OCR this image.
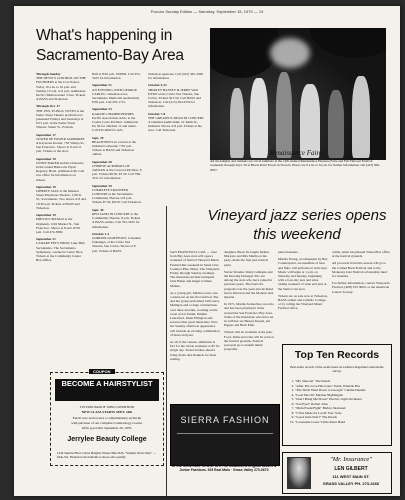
Pocono Sunday Edition — Saturday, September 15, 1979 — 19
What's happening in Sacramento-Bay Area
Renaissance Faire
All the knights and damsels are out in numbers at the 12th Annual Renaissance Pleasure Faire and Fair Harvest Festival weekends through Sept. 30 at Black Point Forest in Novato. Hours are 9 a.m. to 6 p.m. for further information call (415) 892-0937.
Through Sunday
THE DEVIL'S CONTROL ON THE FOUNDERS at the Cow Palace. Today 10 a.m. to 10 p.m. and Sunday 10 a.m. to 6 p.m. Admission $4.50; children under 3 free. Tickets at BASS and Ticketron.
Through Oct. 27
THE TEN, FLINGS, WIVES at the Sutter Street Theatre production is presented Fridays and Saturdays at 8:15 p.m. in the Sutter Street Theatre. Sutter St., Folsom.
September 17
TOWER OF POWER JAMBOREE at Keystone Korner, 750 Vallejo St., San Francisco. Shows at 9 and 11 p.m. Tickets at the door.
September 19
CINDY BAKER and his Orchestra in the Grand Ballroom. Hyatt Regency Hotel. Admission $6. Call box office for information on tickets.
September 19
LIBERTY JAZZ at the Mission Street Playhouse Theatre, 1105 K St., Sacramento. Two shows at 8 and 10:30 p.m. Tickets at BASS and Ticketron.
September 19
PRESTO CHANGO at the Orpheum, 1192 Market St., San Francisco. Shows at 8 and 10:30 p.m. Call 474-3800.
September 21
CANARY PETS SHOW, Lake Hall, Sacramento. The Sacramento Symphony, conductor Carter Nice. Tickets at the Community Center Box Office.
Hall at 8:30 p.m. SUPER. Call 355-3225 for information.
September 21
AN EVENING WITH GEORGE CARLIN, comedian-actor, Sacramento Memorial Auditorium, 8:30 p.m. Call 455-1715.
September 23
KARATE CHAMPIONSHIPS, Pacific Association AAU, at the Contra Costa Pavilion. Admission $3, $2 for children 12 and under. Call 935-4000 for info.
Sept. 29
BEACH BOYS in concert at the Oakland Coliseum, 7:30 p.m. Tickets at BASS and Ticketron outlets.
September 28
CHINESE ACROBATS OF TAIWAN at the Concord Pavilion, 8 p.m. Tickets $8.50, $7.50. Call 798-3311 for information.
September 29
COMPLETE TRANSFER CONCERT at the Sacramento Community Theatre at 8 p.m. Tickets $7.50, $6.50. Call Ticketron.
Sept. 30
RED SAND IN CONCERT at the Community Theatre, 8 p.m. Tickets at BASS outlets. Call 355-3225 for information.
October 1-2
GORDON LIGHTFOOT, Canadian folksinger, at the Circle Star Theatre, San Carlos. Shows at 8 p.m. Tickets at BASS.
Ticketron agencies. Call (415) 365-3500 for information.
October 5-21
SHIRLEY BASSEY & JERRY VAN DYKE at the Circle Star Theatre, San Carlos. Tickets $15.50. Call BASS and Ticketron. Call (415) 364-2550 for information.
October 7-8
THE GREATFUL DEAD IN CONCERT at Oakland Auditorium, 10 Tenth St., Oakland. Shows at 8 p.m. Tickets at the door. Call Ticketron.
Vineyard jazz series opens this weekend
SAN FRANCISCO, Calif. — Jazz from Bay Area stars will open a weekend of festival Vineyard Music Festival this weekend in Santa Cruz County's Pine Valley. The Vineyards Friday through Sunday evenings. The musicians include trumpeter Chet Baker and singer Carmen McRae.
As a young girl, Martha Lewis was a stand-out on her first festival. She and her group performed with Gerry Mulligan and a range of musicians over three decades, working on the coast of Art Tatum, Jimmie Lunceford, Duke Ellington and several other great musicians. Now her Sunday afternoon appearance will include an exciting combination of blues and jazz.
At all of the venues, admission is $12 for the whole weekend or $5 for single day. Ticket holders should bring chairs and blankets for lawn seating.
daughter, Bean. Its taught further. Marjorie and Mrs Martha at the party, made the first jazz festival party.
Stevie Wonder, Dizzy Gillespie and the Dorothy Donegan Trio are among the stars who have joined in previous years. The festival's program over the years has included Oscar Peterson and the Modern Jazz Quartet.
In 1971, Martha formed her own trio and has been playing in clubs around the San Francisco Bay Area. Some of the musicians who have sat in with her are Barney Kessel, Art Pepper and Herb Ellis.
Tickets will be available at the gate. Food, drink and wine will be sold on the festival grounds. Festival proceeds go to benefit music programs.
piano listeners.
Martha Young, accompanied by Bay Counterpoint, an ensemble of bass and flute, will perform on both days. Music will begin at 1 p.m. on Saturday and Sunday, beginning with a four-day jazz and wine tasting weekend of wine and jazz at the Santa Cruz area.
Tickets are on sale now at Ticketron, BASS outlets and Cabrillo College, or by calling the Vineyard Music Festival office.
cellist, amen Greyhound Ticket Box office at the festival grounds.
All proceeds from this season will go to the Carmel Bach Festival and to the Monterey Jazz Festival scholarship fund for students.
For further information, contact Vineyards Festival, (408) 335-3004, or the American Cancer Society.
COUPON
BECOME A HAIRSTYLIST
TUITION PAID IF JOBS CONDITION
NEW CLASS STARTS SEPT. 24th
Enroll now and receive a complimentary stylist kit
with purchase of our complete Cosmetology Course.
Offer good thru September 29, 1979.
Jerrylee Beauty College
1234 Sunrise Blvd. Citrus Heights. Phone 966-2345. "Student Work Only" — Mon-Sat. Financial aid available to those who qualify.
SIERRA FASHION
OPEN: MON.–SAT. 10 A.M. to 6 P.M. Beautiful & Original Misses & Junior Fashions. 519 East Main · Grass Valley 273-0673
Top Ten Records
Best-seller records of the week based on Cashbox magazine's nationwide survey.
1. "My Sharona" The Knack
2. "After The Love Has Gone" Earth, Wind & Fire
3. "The Devil Went Down to Georgia" Charlie Daniels
4. "Lead Me On" Maxine Nightingale
5. "Don't Bring Me Down" Electric Light Orchestra
6. "Sad Eyes" Robert John
7. "Main Event/Fight" Barbra Streisand
8. "I Was Made for Lovin' You" Kiss
9. "Good Girls Don't" The Knack
10. "Lonesome Loser" Little River Band
"Mr. Insurance"
LEN GILBERT
111 WEST MAIN ST.
GRASS VALLEY PH. 273-4166
